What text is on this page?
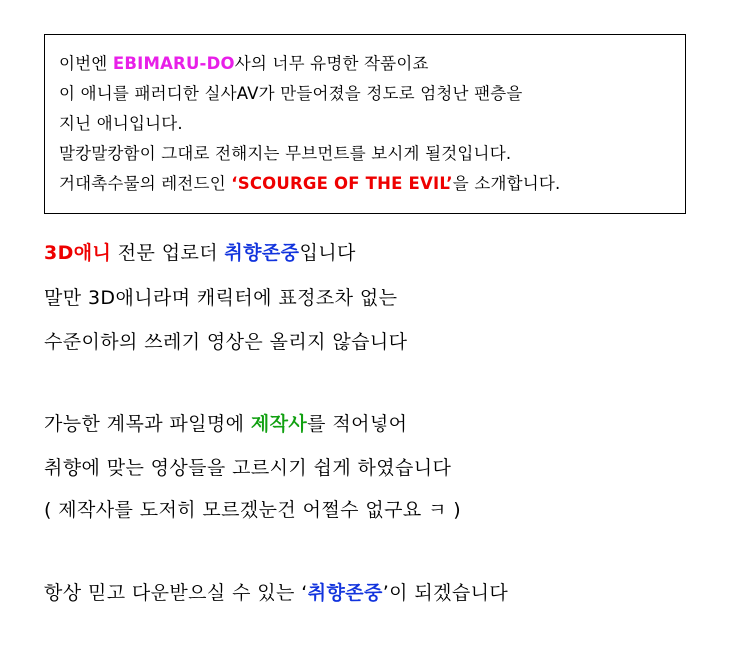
이번엔 EBIMARU-DO사의 너무 유명한 작품이죠
이 애니를 패러디한 실사AV가 만들어졌을 정도로 엄청난 팬층을
지닌 애니입니다.
말캉말캉함이 그대로 전해지는 무브먼트를 보시게 될것입니다.
거대촉수물의 레전드인 ‘SCOURGE OF THE EVIL’을 소개합니다.
3D애니 전문 업로더 취향존중입니다
말만 3D애니라며 캐릭터에 표정조차 없는
수준이하의 쓰레기 영상은 올리지 않습니다
가능한 계목과 파일명에 제작사를 적어넣어
취향에 맞는 영상들을 고르시기 쉽게 하였습니다
( 제작사를 도저히 모르겠눈건 어쩔수 없구요 ㅋ )
항상 믿고 다운받으실 수 있는 ‘취향존중’이 되겠습니다
